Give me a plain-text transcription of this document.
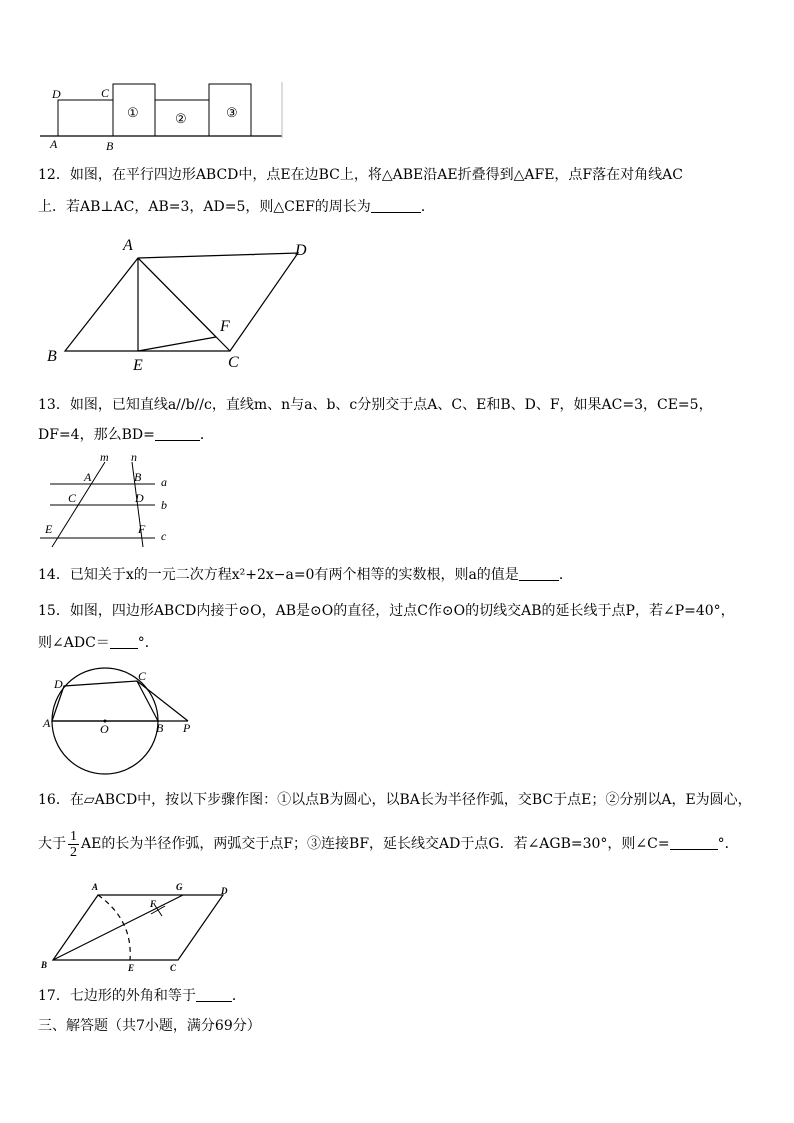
D	C
A	B
①	②	③
12．如图，在平行四边形ABCD中，点E在边BC上，将△ABE沿AE折叠得到△AFE，点F落在对角线AC
上．若AB⊥AC，AB=3，AD=5，则△CEF的周长为	．
A	D
B
E	C
F
13．如图，已知直线a//b//c，直线m、n与a、b、c分别交于点A、C、E和B、D、F，如果AC=3，CE=5，
DF=4，那么BD=	．
m n
A	B
C	D
E	F
a
b
c
14．已知关于x的一元二次方程x²+2x−a=0有两个相等的实数根，则a的值是	．
15．如图，四边形ABCD内接于⊙O，AB是⊙O的直径，过点C作⊙O的切线交AB的延长线于点P，若∠P=40°，
则∠ADC＝ °．
A
D
C
B
O	P
16．在▱ABCD中，按以下步骤作图：①以点B为圆心，以BA长为半径作弧，交BC于点E；②分别以A，E为圆心，
大于 $\frac{1}{2}$ AE的长为半径作弧，两弧交于点F；③连接BF，延长线交AD于点G．若∠AGB=30°，则∠C=	°．
A	G	D
F
B	E	C
17．七边形的外角和等于	．
三、解答题（共7小题，满分69分）
